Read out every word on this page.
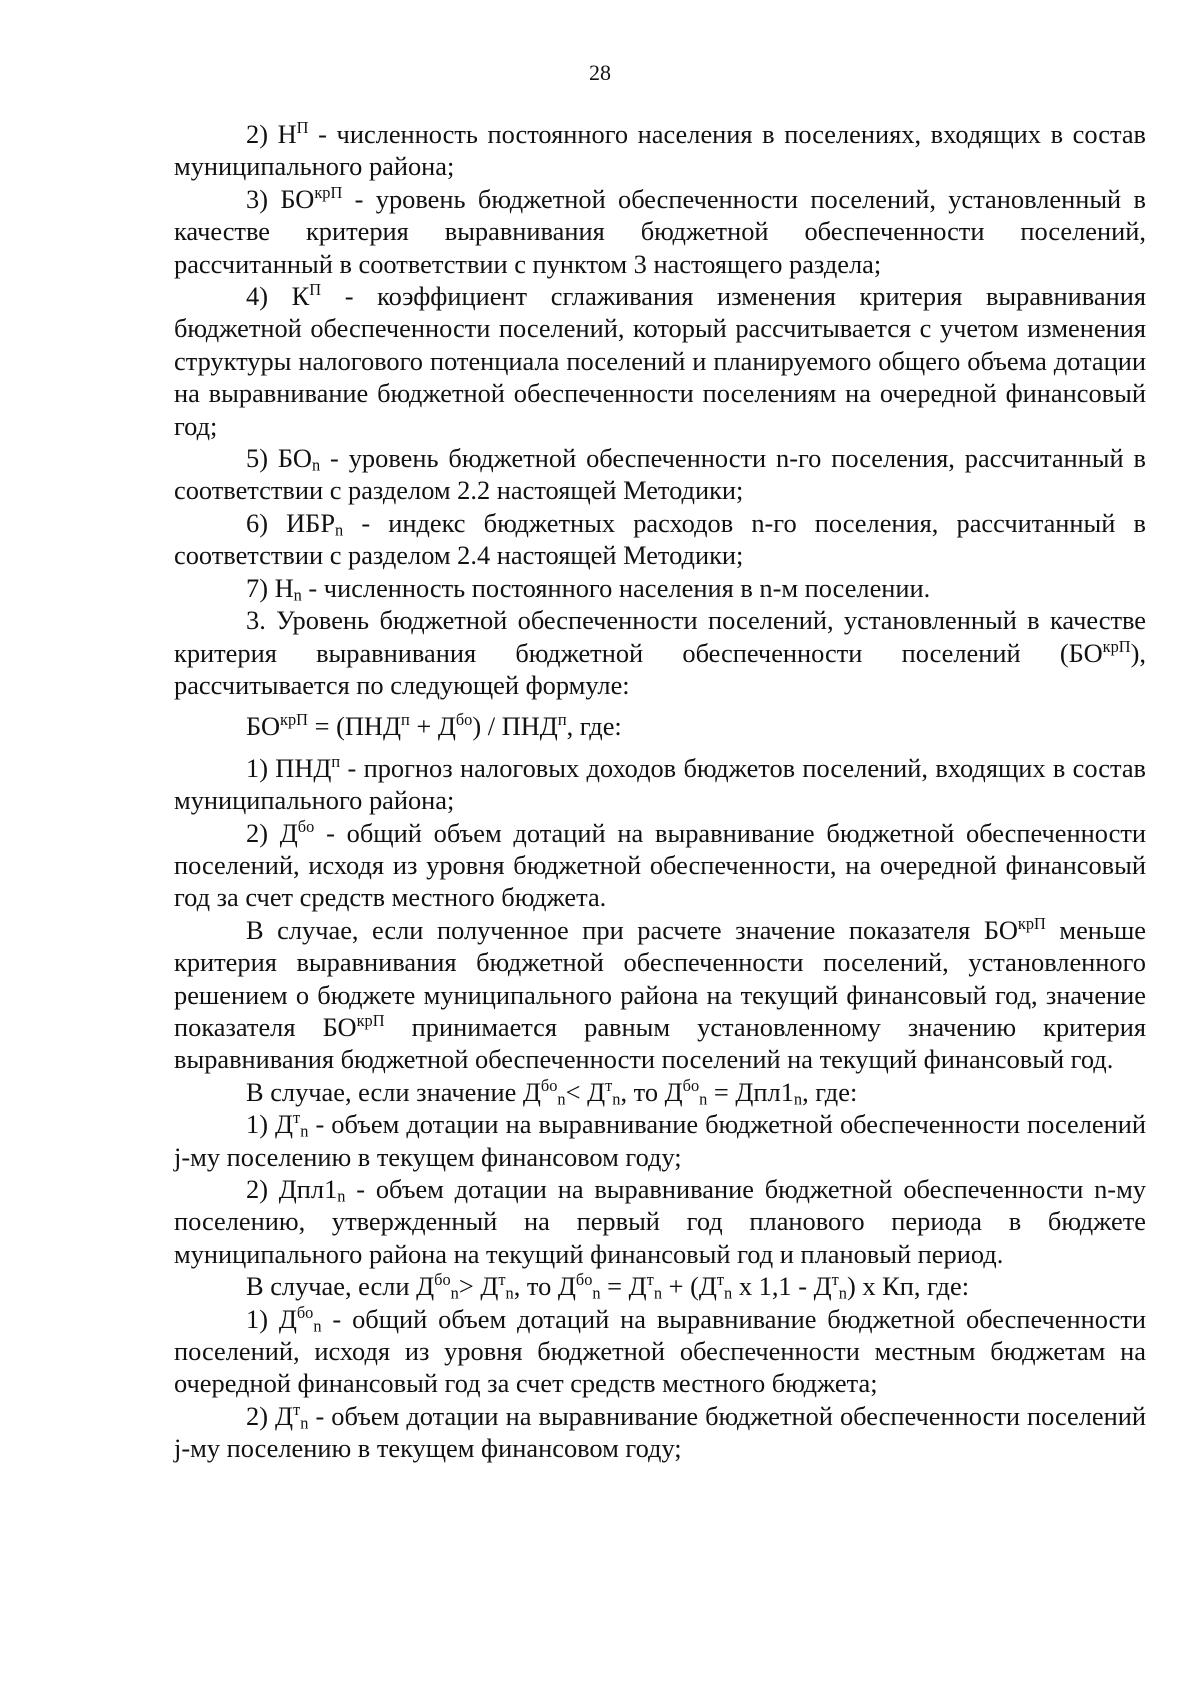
28

2) $Н^П$ - численность постоянного населения в поселениях, входящих в состав муниципального района;

3) $БО^{крП}$ - уровень бюджетной обеспеченности поселений, установленный в качестве критерия выравнивания бюджетной обеспеченности поселений, рассчитанный в соответствии с пунктом 3 настоящего раздела;

4) $К^П$ - коэффициент сглаживания изменения критерия выравнивания бюджетной обеспеченности поселений, который рассчитывается с учетом изменения структуры налогового потенциала поселений и планируемого общего объема дотации на выравнивание бюджетной обеспеченности поселениям на очередной финансовый год;

5) $БО_n$ - уровень бюджетной обеспеченности n-го поселения, рассчитанный в соответствии с разделом 2.2 настоящей Методики;

6) $ИБР_n$ - индекс бюджетных расходов n-го поселения, рассчитанный в соответствии с разделом 2.4 настоящей Методики;

7) $Н_n$ - численность постоянного населения в n-м поселении.

3. Уровень бюджетной обеспеченности поселений, установленный в качестве критерия выравнивания бюджетной обеспеченности поселений $(БО^{крП})$, рассчитывается по следующей формуле:

$БО^{крП} = (ПНД^п + Д^{бо}) / ПНД^п$, где:

1) $ПНД^п$ - прогноз налоговых доходов бюджетов поселений, входящих в состав муниципального района;

2) $Д^{бо}$ - общий объем дотаций на выравнивание бюджетной обеспеченности поселений, исходя из уровня бюджетной обеспеченности, на очередной финансовый год за счет средств местного бюджета.

В случае, если полученное при расчете значение показателя $БО^{крП}$ меньше критерия выравнивания бюджетной обеспеченности поселений, установленного решением о бюджете муниципального района на текущий финансовый год, значение показателя $БО^{крП}$ принимается равным установленному значению критерия выравнивания бюджетной обеспеченности поселений на текущий финансовый год.

В случае, если значение $Д^{бо}_n< Д^т_n$, то $Д^{бо}_n = Дпл1_n$, где:

1) $Д^т_n$ - объем дотации на выравнивание бюджетной обеспеченности поселений j-му поселению в текущем финансовом году;

2) $Дпл1_n$ - объем дотации на выравнивание бюджетной обеспеченности n-му поселению, утвержденный на первый год планового периода в бюджете муниципального района на текущий финансовый год и плановый период.

В случае, если $Д^{бо}_n> Д^т_n$, то $Д^{бо}_n = Д^т_n + (Д^т_n$ х $1,1 - Д^т_n$) х Кп, где:

1) $Д^{бо}_n$ - общий объем дотаций на выравнивание бюджетной обеспеченности поселений, исходя из уровня бюджетной обеспеченности местным бюджетам на очередной финансовый год за счет средств местного бюджета;

2) $Д^т_n$ - объем дотации на выравнивание бюджетной обеспеченности поселений j-му поселению в текущем финансовом году;
